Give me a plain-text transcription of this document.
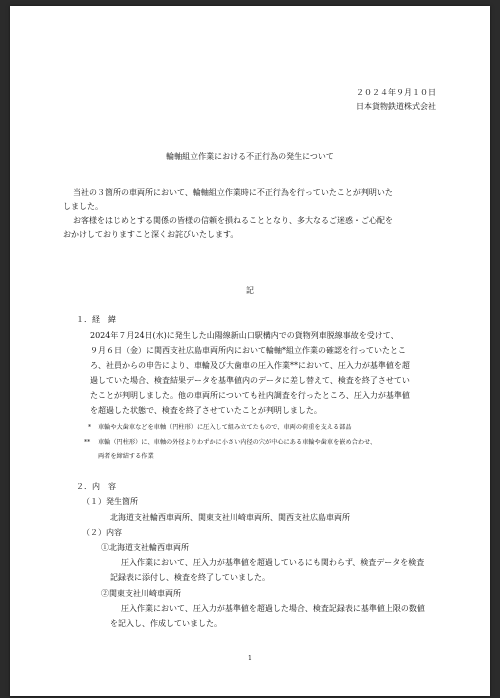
２０２４年９月１０日
日本貨物鉄道株式会社
輪軸組立作業における不正行為の発生について
当社の３箇所の車両所において、輪軸組立作業時に不正行為を行っていたことが判明いた
しました。
お客様をはじめとする関係の皆様の信頼を損ねることとなり、多大なるご迷惑・ご心配を
おかけしておりますこと深くお詫びいたします。
記
１．経　緯
2024年７月24日(水)に発生した山陽線新山口駅構内での貨物列車脱線事故を受けて、
９月６日（金）に関西支社広島車両所内において輪軸*組立作業の確認を行っていたとこ
ろ、社員からの申告により、車輪及び大歯車の圧入作業**において、圧入力が基準値を超
過していた場合、検査結果データを基準値内のデータに差し替えて、検査を終了させてい
たことが判明しました。他の車両所についても社内調査を行ったところ、圧入力が基準値
を超過した状態で、検査を終了させていたことが判明しました。
* 車輪や大歯車などを車軸（円柱形）に圧入して組み立てたもので、車両の荷重を支える部品
** 車輪（円柱形）に、車軸の外径よりわずかに小さい内径の穴が中心にある車輪や歯車を嵌め合わせ、
両者を締結する作業
２．内　容
（１）発生箇所
北海道支社輪西車両所、関東支社川崎車両所、関西支社広島車両所
（２）内容
①北海道支社輪西車両所
圧入作業において、圧入力が基準値を超過しているにも関わらず、検査データを検査
記録表に添付し、検査を終了していました。
②関東支社川崎車両所
圧入作業において、圧入力が基準値を超過した場合、検査記録表に基準値上限の数値
を記入し、作成していました。
1
